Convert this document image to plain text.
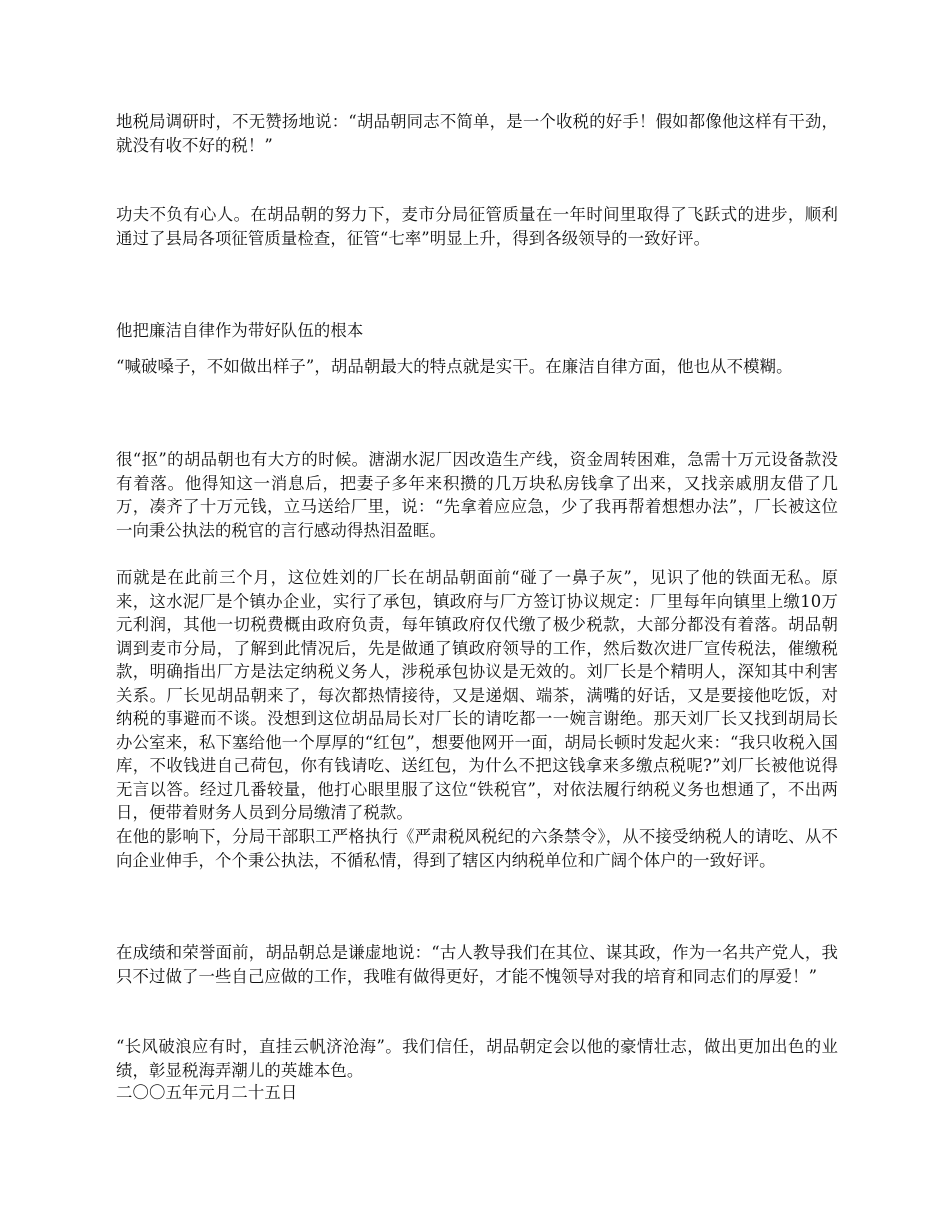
地税局调研时，不无赞扬地说：“胡品朝同志不简单，是一个收税的好手！假如都像他这样有干劲，就没有收不好的税！”

功夫不负有心人。在胡品朝的努力下，麦市分局征管质量在一年时间里取得了飞跃式的进步，顺利通过了县局各项征管质量检查，征管“七率”明显上升，得到各级领导的一致好评。

他把廉洁自律作为带好队伍的根本

“喊破嗓子，不如做出样子”，胡品朝最大的特点就是实干。在廉洁自律方面，他也从不模糊。

很“抠”的胡品朝也有大方的时候。溏湖水泥厂因改造生产线，资金周转困难，急需十万元设备款没有着落。他得知这一消息后，把妻子多年来积攒的几万块私房钱拿了出来，又找亲戚朋友借了几万，凑齐了十万元钱，立马送给厂里，说：“先拿着应应急，少了我再帮着想想办法”，厂长被这位一向秉公执法的税官的言行感动得热泪盈眶。

而就是在此前三个月，这位姓刘的厂长在胡品朝面前“碰了一鼻子灰”，见识了他的铁面无私。原来，这水泥厂是个镇办企业，实行了承包，镇政府与厂方签订协议规定：厂里每年向镇里上缴10万元利润，其他一切税费概由政府负责，每年镇政府仅代缴了极少税款，大部分都没有着落。胡品朝调到麦市分局，了解到此情况后，先是做通了镇政府领导的工作，然后数次进厂宣传税法，催缴税款，明确指出厂方是法定纳税义务人，涉税承包协议是无效的。刘厂长是个精明人，深知其中利害关系。厂长见胡品朝来了，每次都热情接待，又是递烟、端茶，满嘴的好话，又是要接他吃饭，对纳税的事避而不谈。没想到这位胡品局长对厂长的请吃都一一婉言谢绝。那天刘厂长又找到胡局长办公室来，私下塞给他一个厚厚的“红包”，想要他网开一面，胡局长顿时发起火来：“我只收税入国库，不收钱进自己荷包，你有钱请吃、送红包，为什么不把这钱拿来多缴点税呢?”刘厂长被他说得无言以答。经过几番较量，他打心眼里服了这位“铁税官”，对依法履行纳税义务也想通了，不出两日，便带着财务人员到分局缴清了税款。

在他的影响下，分局干部职工严格执行《严肃税风税纪的六条禁令》，从不接受纳税人的请吃、从不向企业伸手，个个秉公执法，不循私情，得到了辖区内纳税单位和广阔个体户的一致好评。

在成绩和荣誉面前，胡品朝总是谦虚地说：“古人教导我们在其位、谋其政，作为一名共产党人，我只不过做了一些自己应做的工作，我唯有做得更好，才能不愧领导对我的培育和同志们的厚爱！”

“长风破浪应有时，直挂云帆济沧海”。我们信任，胡品朝定会以他的豪情壮志，做出更加出色的业绩，彰显税海弄潮儿的英雄本色。

二〇〇五年元月二十五日
